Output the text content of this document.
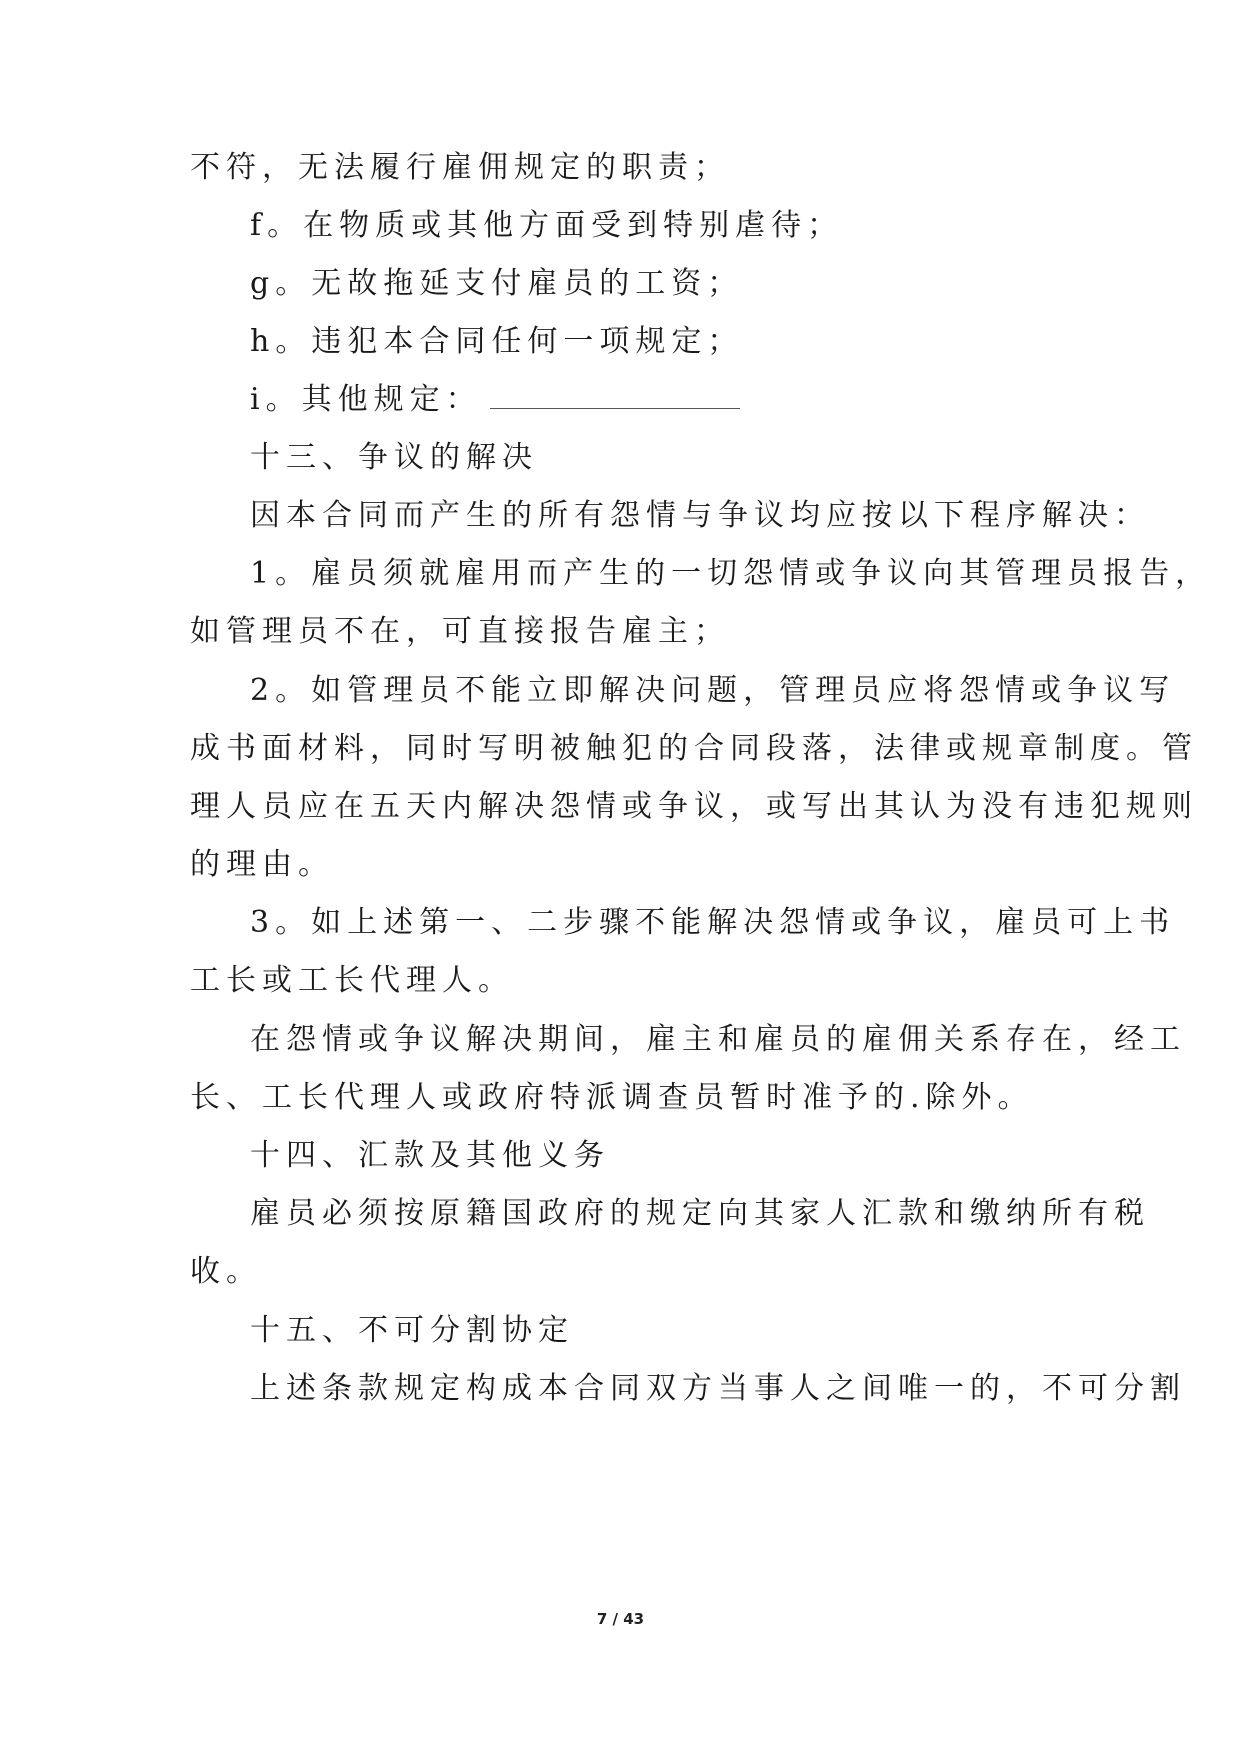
不符，无法履行雇佣规定的职责；
f。在物质或其他方面受到特别虐待；
g。无故拖延支付雇员的工资；
h。违犯本合同任何一项规定；
i。其他规定：
十三、争议的解决
因本合同而产生的所有怨情与争议均应按以下程序解决：
1。雇员须就雇用而产生的一切怨情或争议向其管理员报告，
如管理员不在，可直接报告雇主；
2。如管理员不能立即解决问题，管理员应将怨情或争议写
成书面材料，同时写明被触犯的合同段落，法律或规章制度。管
理人员应在五天内解决怨情或争议，或写出其认为没有违犯规则
的理由。
3。如上述第一、二步骤不能解决怨情或争议，雇员可上书
工长或工长代理人。
在怨情或争议解决期间，雇主和雇员的雇佣关系存在，经工
长、工长代理人或政府特派调查员暂时准予的.除外。
十四、汇款及其他义务
雇员必须按原籍国政府的规定向其家人汇款和缴纳所有税
收。
十五、不可分割协定
上述条款规定构成本合同双方当事人之间唯一的，不可分割
7 / 43
